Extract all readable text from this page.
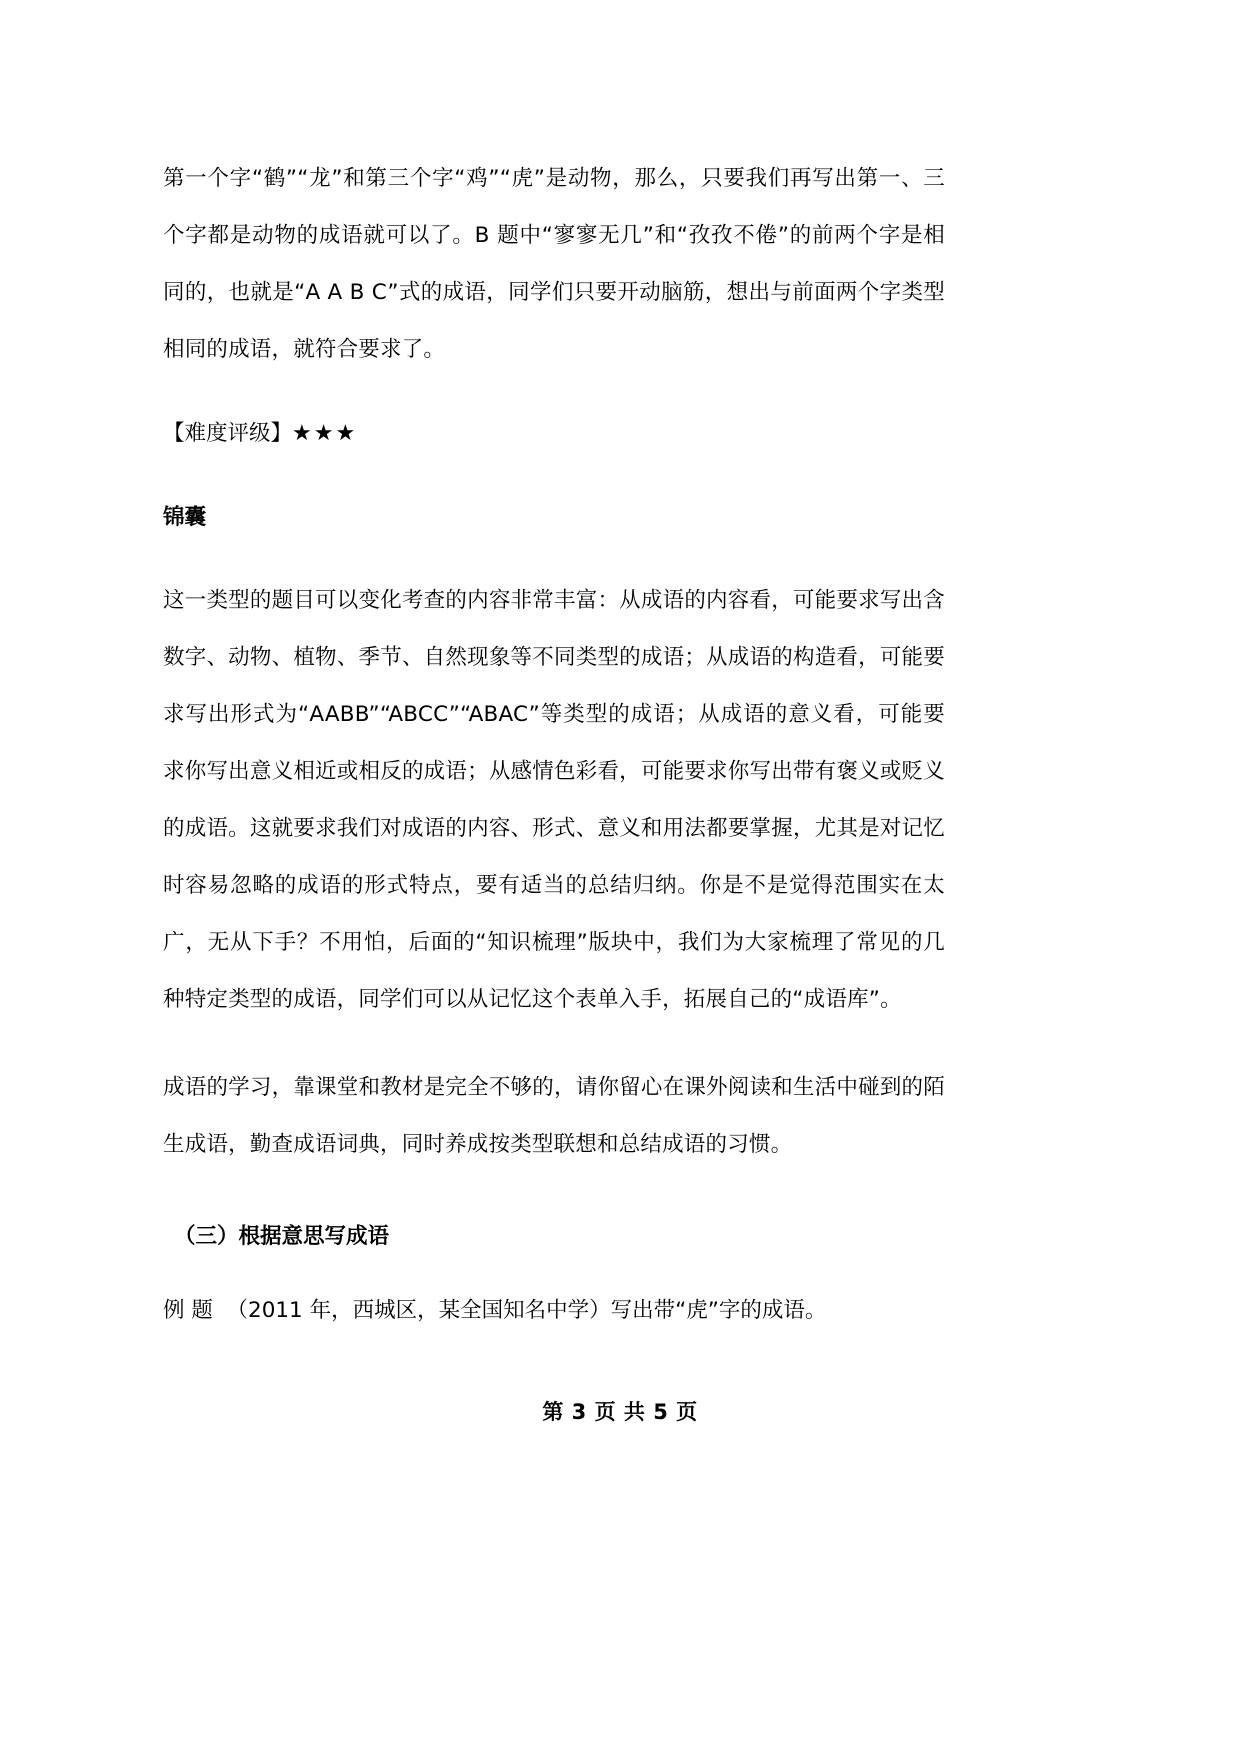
第一个字“鹤”“龙”和第三个字“鸡”“虎”是动物，那么，只要我们再写出第一、三个字都是动物的成语就可以了。B 题中“寥寥无几”和“孜孜不倦”的前两个字是相同的，也就是“A A B C”式的成语，同学们只要开动脑筋，想出与前面两个字类型相同的成语，就符合要求了。

【难度评级】★★★
锦囊

这一类型的题目可以变化考查的内容非常丰富：从成语的内容看，可能要求写出含数字、动物、植物、季节、自然现象等不同类型的成语；从成语的构造看，可能要求写出形式为“AABB”“ABCC”“ABAC”等类型的成语；从成语的意义看，可能要求你写出意义相近或相反的成语；从感情色彩看，可能要求你写出带有褒义或贬义的成语。这就要求我们对成语的内容、形式、意义和用法都要掌握，尤其是对记忆时容易忽略的成语的形式特点，要有适当的总结归纳。你是不是觉得范围实在太广，无从下手？不用怕，后面的“知识梳理”版块中，我们为大家梳理了常见的几种特定类型的成语，同学们可以从记忆这个表单入手，拓展自己的“成语库”。

成语的学习，靠课堂和教材是完全不够的，请你留心在课外阅读和生活中碰到的陌生成语，勤查成语词典，同时养成按类型联想和总结成语的习惯。

（三）根据意思写成语
例 题 （2011 年，西城区，某全国知名中学）写出带“虎”字的成语。
第 3 页 共 5 页
